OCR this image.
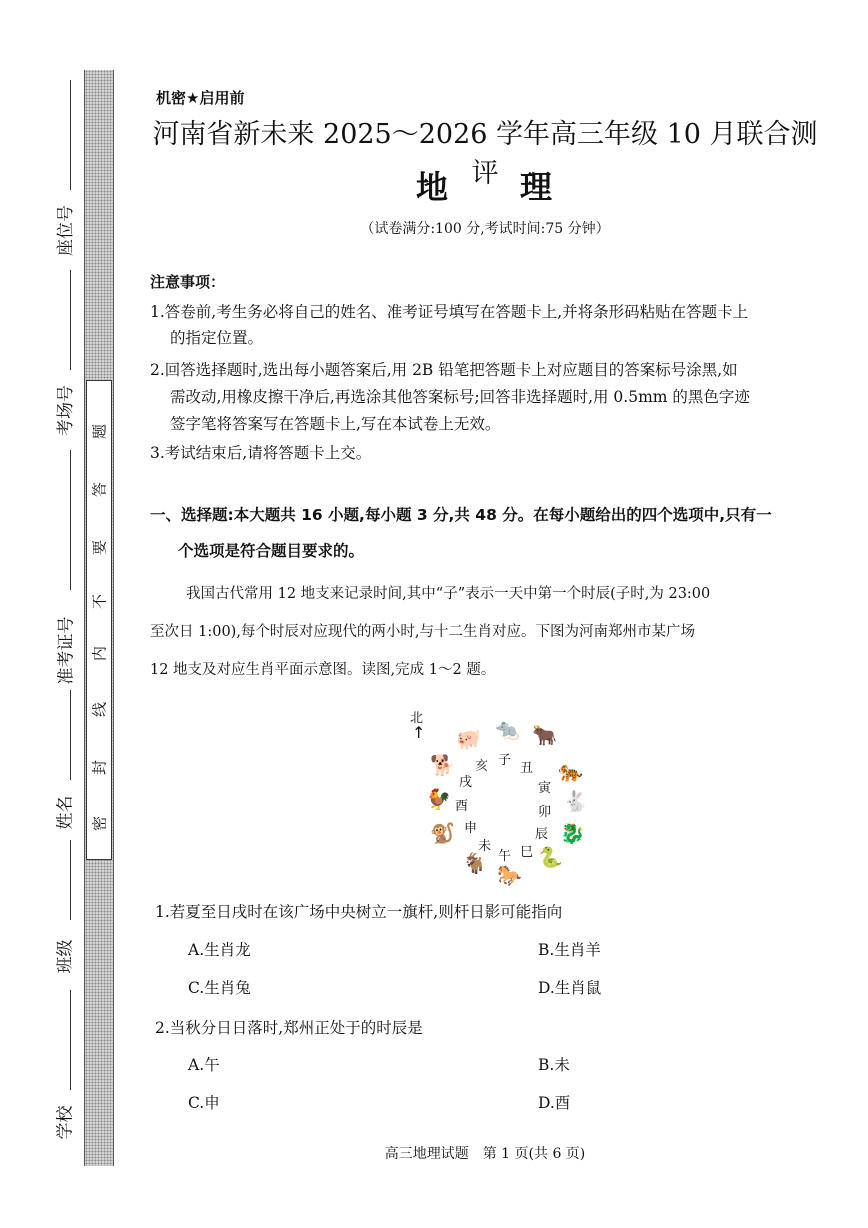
座位号
考场号
准考证号
姓名
班级
学校
题
答
要
不
内
线
封
密
机密★启用前
河南省新未来 2025～2026 学年高三年级 10 月联合测评
地 理
（试卷满分:100 分,考试时间:75 分钟）
注意事项：
1.答卷前,考生务必将自己的姓名、准考证号填写在答题卡上,并将条形码粘贴在答题卡上
的指定位置。
2.回答选择题时,选出每小题答案后,用 2B 铅笔把答题卡上对应题目的答案标号涂黑,如
需改动,用橡皮擦干净后,再选涂其他答案标号;回答非选择题时,用 0.5mm 的黑色字迹
签字笔将答案写在答题卡上,写在本试卷上无效。
3.考试结束后,请将答题卡上交。
一、选择题:本大题共 16 小题,每小题 3 分,共 48 分。在每小题给出的四个选项中,只有一
个选项是符合题目要求的。
我国古代常用 12 地支来记录时间,其中“子”表示一天中第一个时辰(子时,为 23:00
至次日 1:00),每个时辰对应现代的两小时,与十二生肖对应。下图为河南郑州市某广场
12 地支及对应生肖平面示意图。读图,完成 1～2 题。
北
↑
子
丑
寅
卯
辰
巳
午
未
申
酉
戌
亥
🐀 🐂
🐅
🐇
🐉
🐍
🐎
🐐
🐒
🐓
🐕
🐖
1.若夏至日戌时在该广场中央树立一旗杆,则杆日影可能指向
A.生肖龙	B.生肖羊
C.生肖兔	D.生肖鼠
2.当秋分日日落时,郑州正处于的时辰是
A.午	B.未
C.申	D.酉
高三地理试题　第 1 页(共 6 页)
